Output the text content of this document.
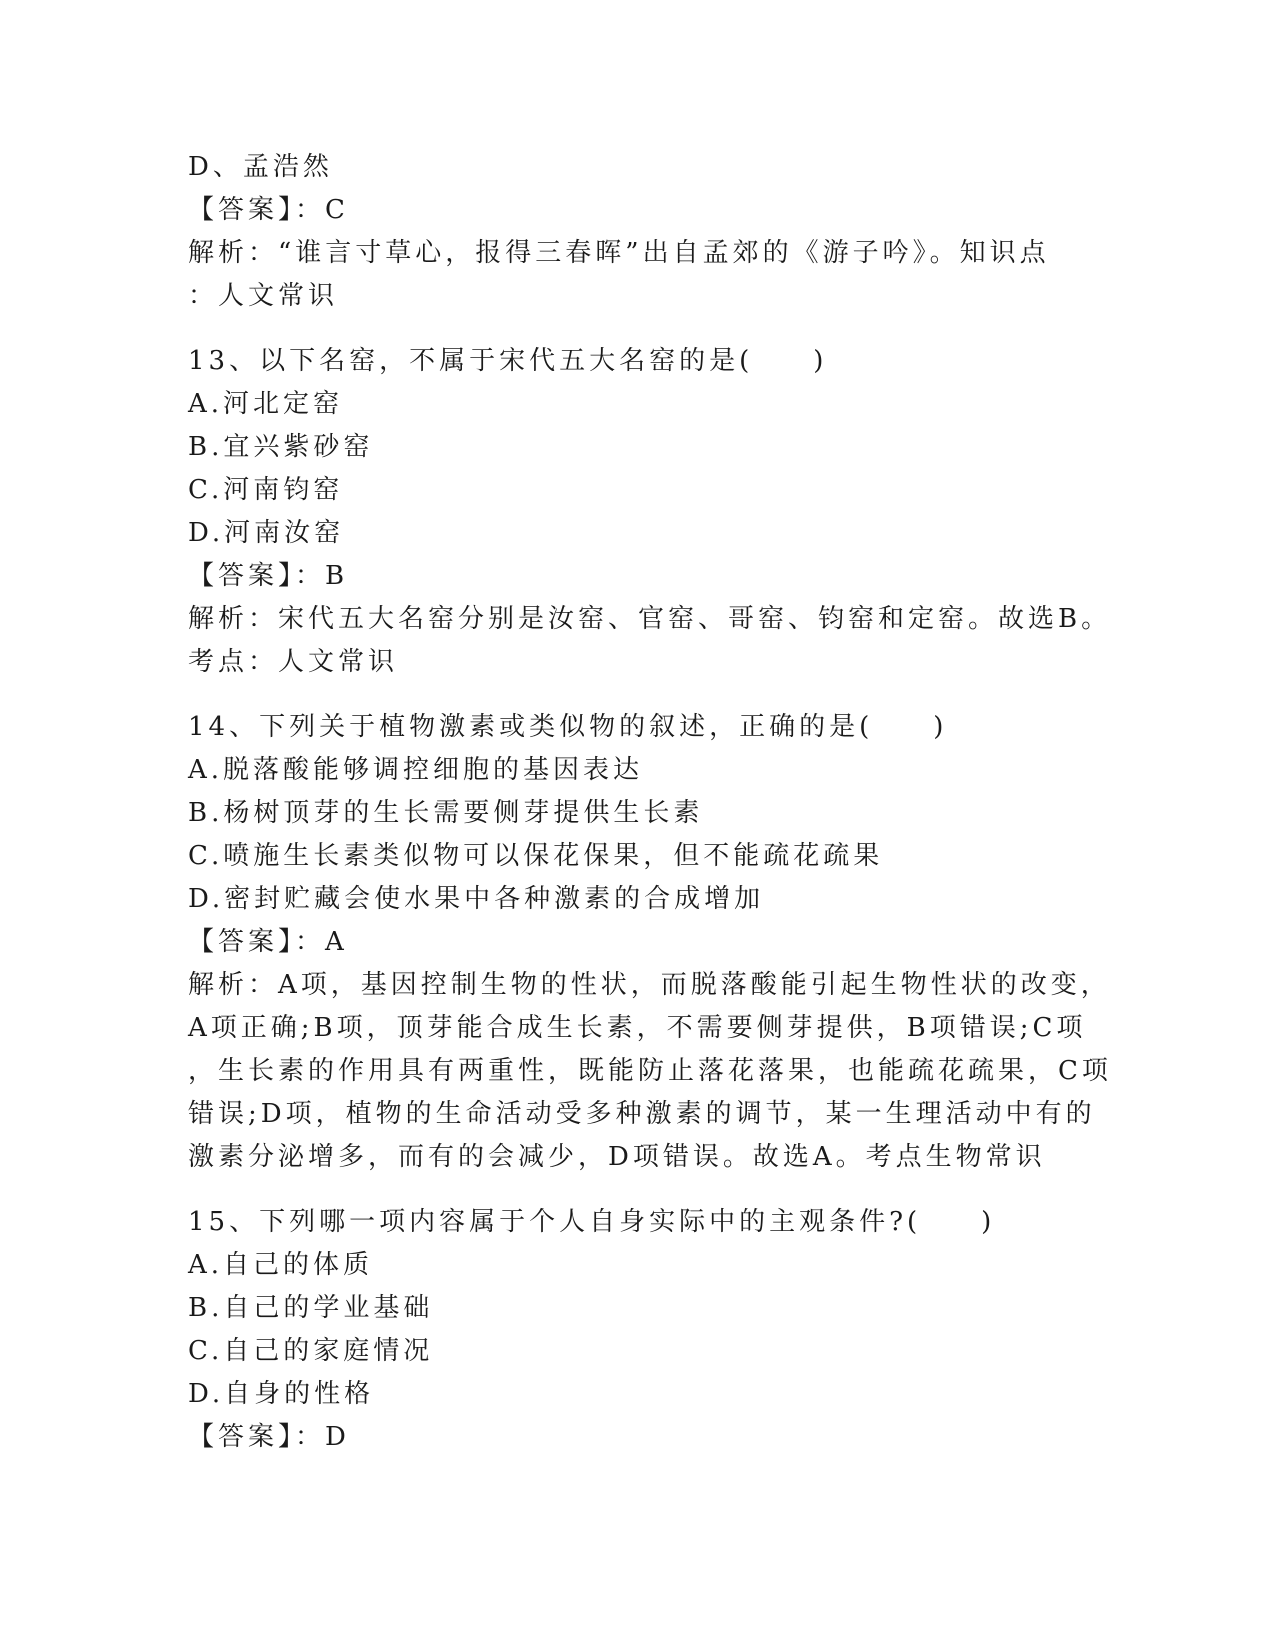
D、孟浩然
【答案】：C
解析：“谁言寸草心，报得三春晖”出自孟郊的《游子吟》。知识点
：人文常识
13、以下名窑，不属于宋代五大名窑的是(　　)
A.河北定窑
B.宜兴紫砂窑
C.河南钧窑
D.河南汝窑
【答案】：B
解析：宋代五大名窑分别是汝窑、官窑、哥窑、钧窑和定窑。故选B。
考点：人文常识
14、下列关于植物激素或类似物的叙述，正确的是(　　)
A.脱落酸能够调控细胞的基因表达
B.杨树顶芽的生长需要侧芽提供生长素
C.喷施生长素类似物可以保花保果，但不能疏花疏果
D.密封贮藏会使水果中各种激素的合成增加
【答案】：A
解析：A项，基因控制生物的性状，而脱落酸能引起生物性状的改变，
A项正确;B项，顶芽能合成生长素，不需要侧芽提供，B项错误;C项
，生长素的作用具有两重性，既能防止落花落果，也能疏花疏果，C项
错误;D项，植物的生命活动受多种激素的调节，某一生理活动中有的
激素分泌增多，而有的会减少，D项错误。故选A。考点生物常识
15、下列哪一项内容属于个人自身实际中的主观条件?(　　)
A.自己的体质
B.自己的学业基础
C.自己的家庭情况
D.自身的性格
【答案】：D
